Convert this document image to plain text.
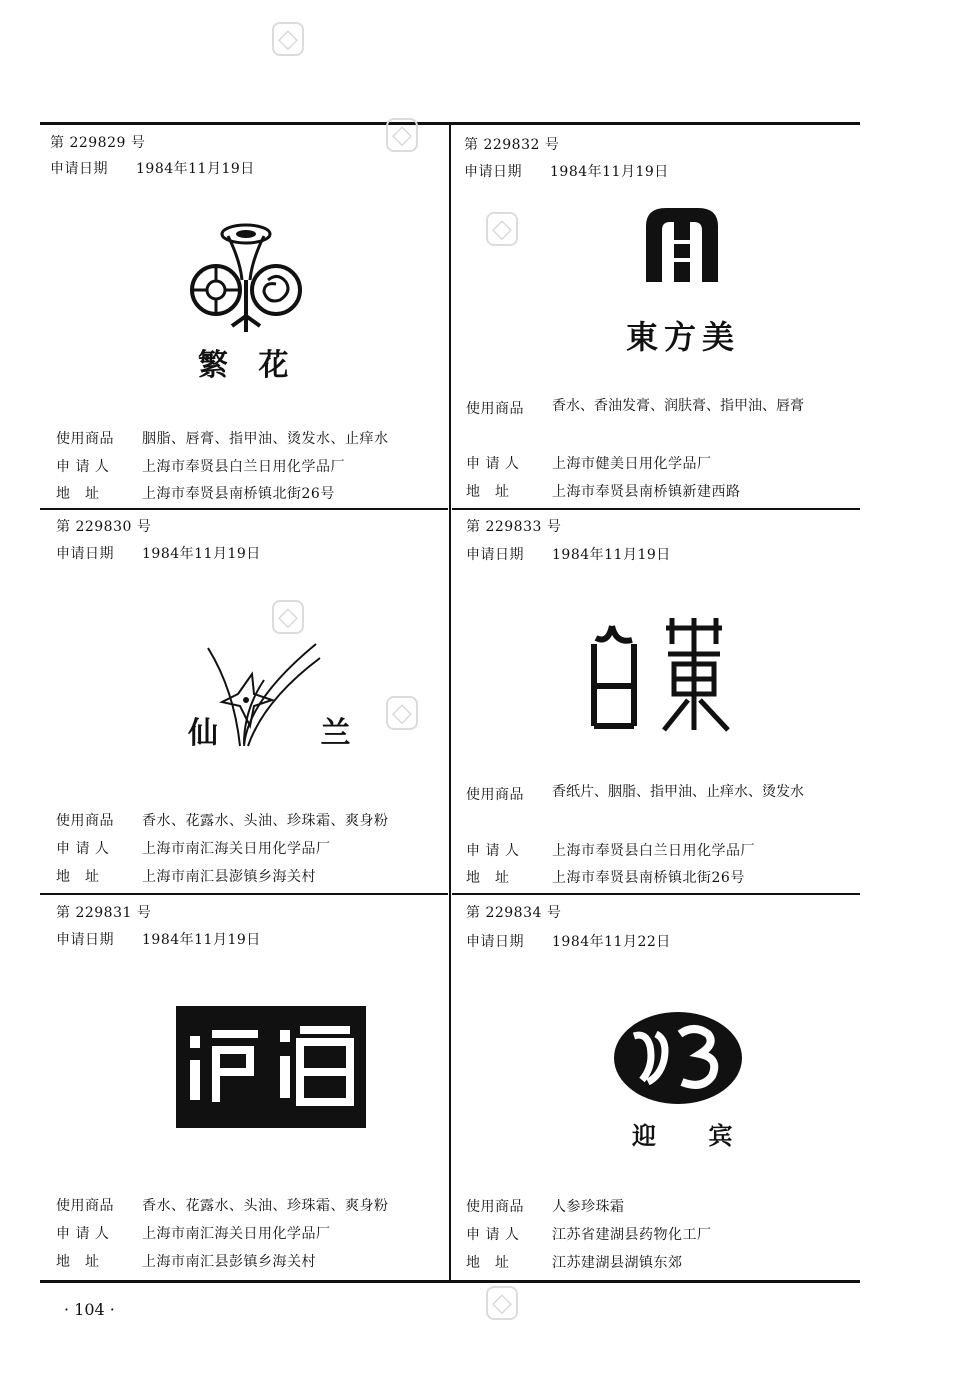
◇
◇
◇
◇
◇
◇
第 229829 号
申请日期 1984年11月19日
繁 花
使用商品 胭脂、唇膏、指甲油、烫发水、止痒水
申 请 人 上海市奉贤县白兰日用化学品厂
地　址	上海市奉贤县南桥镇北街26号
第 229832 号
申请日期 1984年11月19日
東方美
使用商品	香水、香油发膏、润肤膏、指甲油、唇膏
申 请 人 上海市健美日用化学品厂
地　址	上海市奉贤县南桥镇新建西路
第 229830 号
申请日期 1984年11月19日
仙 兰
使用商品 香水、花露水、头油、珍珠霜、爽身粉
申 请 人 上海市南汇海关日用化学品厂
地　址	上海市南汇县澎镇乡海关村
第 229833 号
申请日期 1984年11月19日
使用商品	香纸片、胭脂、指甲油、止痒水、烫发水
申 请 人 上海市奉贤县白兰日用化学品厂
地　址	上海市奉贤县南桥镇北街26号
第 229831 号
申请日期 1984年11月19日
使用商品 香水、花露水、头油、珍珠霜、爽身粉
申 请 人 上海市南汇海关日用化学品厂
地　址	上海市南汇县彭镇乡海关村
第 229834 号
申请日期 1984年11月22日
迎 宾
使用商品 人参珍珠霜
申 请 人 江苏省建湖县药物化工厂
地　址	江苏建湖县湖镇东郊
· 104 ·
